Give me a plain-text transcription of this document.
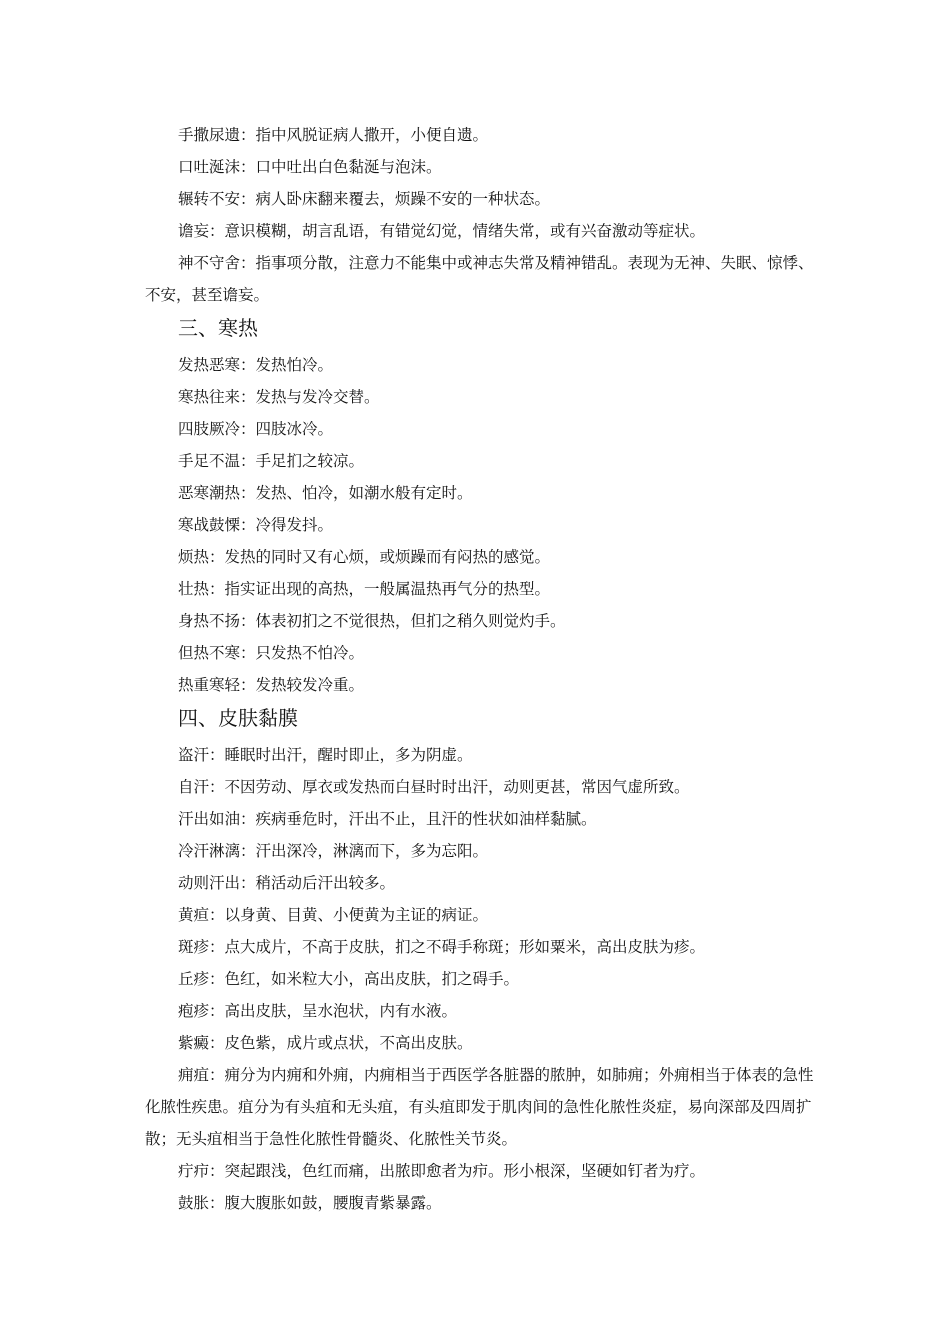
手撒尿遗：指中风脱证病人撒开，小便自遗。

口吐涎沫：口中吐出白色黏涎与泡沫。

辗转不安：病人卧床翻来覆去，烦躁不安的一种状态。

谵妄：意识模糊，胡言乱语，有错觉幻觉，情绪失常，或有兴奋激动等症状。

神不守舍：指事项分散，注意力不能集中或神志失常及精神错乱。表现为无神、失眠、惊悸、不安，甚至谵妄。

三、寒热

发热恶寒：发热怕冷。

寒热往来：发热与发冷交替。

四肢厥冷：四肢冰冷。

手足不温：手足扪之较凉。

恶寒潮热：发热、怕冷，如潮水般有定时。

寒战鼓慄：冷得发抖。

烦热：发热的同时又有心烦，或烦躁而有闷热的感觉。

壮热：指实证出现的高热，一般属温热再气分的热型。

身热不扬：体表初扪之不觉很热，但扪之稍久则觉灼手。

但热不寒：只发热不怕冷。

热重寒轻：发热较发冷重。

四、皮肤黏膜

盗汗：睡眠时出汗，醒时即止，多为阴虚。

自汗：不因劳动、厚衣或发热而白昼时时出汗，动则更甚，常因气虚所致。

汗出如油：疾病垂危时，汗出不止，且汗的性状如油样黏腻。

冷汗淋漓：汗出深冷，淋漓而下，多为忘阳。

动则汗出：稍活动后汗出较多。

黄疸：以身黄、目黄、小便黄为主证的病证。

斑疹：点大成片，不高于皮肤，扪之不碍手称斑；形如粟米，高出皮肤为疹。

丘疹：色红，如米粒大小，高出皮肤，扪之碍手。

疱疹：高出皮肤，呈水泡状，内有水液。

紫癜：皮色紫，成片或点状，不高出皮肤。

痈疽：痈分为内痈和外痈，内痈相当于西医学各脏器的脓肿，如肺痈；外痈相当于体表的急性化脓性疾患。疽分为有头疽和无头疽，有头疽即发于肌肉间的急性化脓性炎症，易向深部及四周扩散；无头疽相当于急性化脓性骨髓炎、化脓性关节炎。

疔疖：突起跟浅，色红而痛，出脓即愈者为疖。形小根深，坚硬如钉者为疗。

鼓胀：腹大腹胀如鼓，腰腹青紫暴露。
